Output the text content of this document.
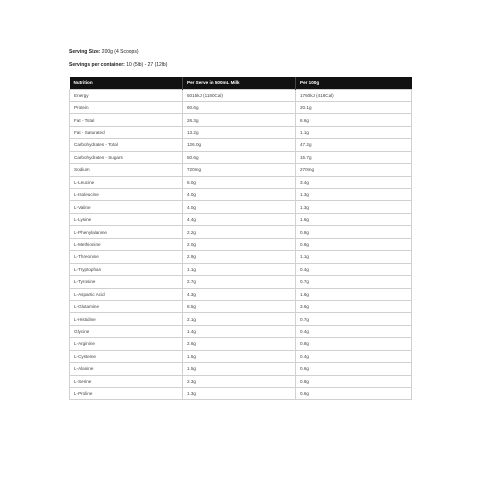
Serving Size: 200g (4 Scoops)
Servings per container: 10 (5lb) - 27 (12lb)
Nutrition	Per Serve in 500mL Milk	Per 100g
Energy	5015kJ (1180Cal)	1760kJ (418Cal)
Protein	60.6g	20.1g
Fat - Total	26.3g	8.6g
Fat - Saturated	13.2g	1.1g
Carbohydrates - Total	126.0g	47.2g
Carbohydrates - Sugars	50.6g	15.7g
Sodium	720mg	270mg
L-Leucine	6.0g	3.4g
L-Isoleucine	4.0g	1.3g
L-Valine	4.0g	1.3g
L-Lysine	4.4g	1.6g
L-Phenylalanine	2.2g	0.8g
L-Methionine	2.0g	0.8g
L-Threonine	2.9g	1.1g
L-Tryptophan	1.1g	0.4g
L-Tyrosine	2.7g	0.7g
L-Aspartic Acid	4.3g	1.6g
L-Glutamine	8.5g	3.6g
L-Histidine	2.1g	0.7g
Glycine	1.4g	0.4g
L-Arginine	2.6g	0.8g
L-Cysteine	1.5g	0.4g
L-Alanine	1.5g	0.6g
L-Serine	2.3g	0.8g
L-Proline	1.3g	0.6g
